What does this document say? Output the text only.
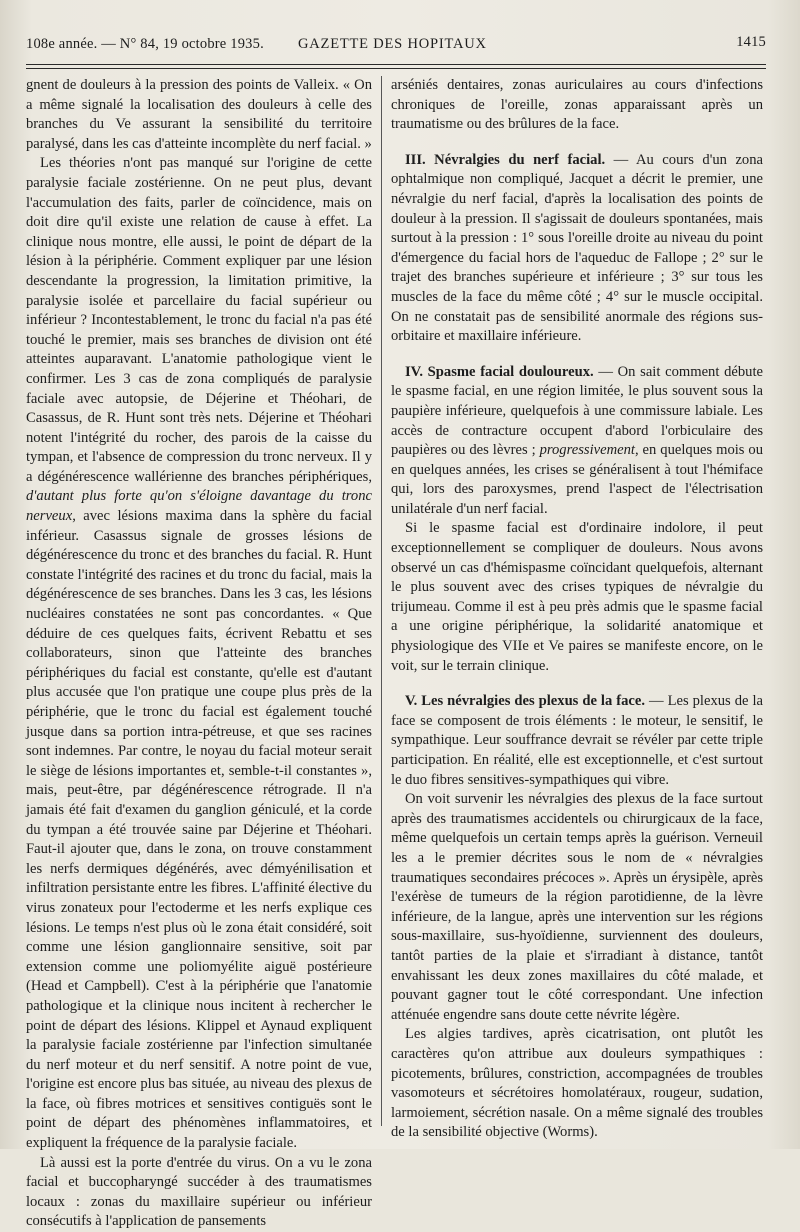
108e année. — N° 84, 19 octobre 1935. GAZETTE DES HOPITAUX	1415

gnent de douleurs à la pression des points de Valleix. « On a même signalé la localisation des douleurs à celle des branches du Ve assurant la sensibilité du territoire paralysé, dans les cas d'atteinte incomplète du nerf facial. »

Les théories n'ont pas manqué sur l'origine de cette paralysie faciale zostérienne. On ne peut plus, devant l'accumulation des faits, parler de coïncidence, mais on doit dire qu'il existe une relation de cause à effet. La clinique nous montre, elle aussi, le point de départ de la lésion à la périphérie. Comment expliquer par une lésion descendante la progression, la limitation primitive, la paralysie isolée et parcellaire du facial supérieur ou inférieur ? Incontestablement, le tronc du facial n'a pas été touché le premier, mais ses branches de division ont été atteintes auparavant. L'anatomie pathologique vient le confirmer. Les 3 cas de zona compliqués de paralysie faciale avec autopsie, de Déjerine et Théohari, de Casassus, de R. Hunt sont très nets. Déjerine et Théohari notent l'intégrité du rocher, des parois de la caisse du tympan, et l'absence de compression du tronc nerveux. Il y a dégénérescence wallérienne des branches périphériques, d'autant plus forte qu'on s'éloigne davantage du tronc nerveux, avec lésions maxima dans la sphère du facial inférieur. Casassus signale de grosses lésions de dégénérescence du tronc et des branches du facial. R. Hunt constate l'intégrité des racines et du tronc du facial, mais la dégénérescence de ses branches. Dans les 3 cas, les lésions nucléaires constatées ne sont pas concordantes. « Que déduire de ces quelques faits, écrivent Rebattu et ses collaborateurs, sinon que l'atteinte des branches périphériques du facial est constante, qu'elle est d'autant plus accusée que l'on pratique une coupe plus près de la périphérie, que le tronc du facial est également touché jusque dans sa portion intra-pétreuse, et que ses racines sont indemnes. Par contre, le noyau du facial moteur serait le siège de lésions importantes et, semble-t-il constantes », mais, peut-être, par dégénérescence rétrograde. Il n'a jamais été fait d'examen du ganglion géniculé, et la corde du tympan a été trouvée saine par Déjerine et Théohari. Faut-il ajouter que, dans le zona, on trouve constamment les nerfs dermiques dégénérés, avec démyénilisation et infiltration persistante entre les fibres. L'affinité élective du virus zonateux pour l'ectoderme et les nerfs explique ces lésions. Le temps n'est plus où le zona était considéré, soit comme une lésion ganglionnaire sensitive, soit par extension comme une poliomyélite aiguë postérieure (Head et Campbell). C'est à la périphérie que l'anatomie pathologique et la clinique nous incitent à rechercher le point de départ des lésions. Klippel et Aynaud expliquent la paralysie faciale zostérienne par l'infection simultanée du nerf moteur et du nerf sensitif. A notre point de vue, l'origine est encore plus bas située, au niveau des plexus de la face, où fibres motrices et sensitives contiguës sont le point de départ des phénomènes inflammatoires, et expliquent la fréquence de la paralysie faciale.

Là aussi est la porte d'entrée du virus. On a vu le zona facial et buccopharyngé succéder à des traumatismes locaux : zonas du maxillaire supérieur ou inférieur consécutifs à l'application de pansements

arséniés dentaires, zonas auriculaires au cours d'infections chroniques de l'oreille, zonas apparaissant après un traumatisme ou des brûlures de la face.

III. Névralgies du nerf facial. — Au cours d'un zona ophtalmique non compliqué, Jacquet a décrit le premier, une névralgie du nerf facial, d'après la localisation des points de douleur à la pression. Il s'agissait de douleurs spontanées, mais surtout à la pression : 1° sous l'oreille droite au niveau du point d'émergence du facial hors de l'aqueduc de Fallope ; 2° sur le trajet des branches supérieure et inférieure ; 3° sur tous les muscles de la face du même côté ; 4° sur le muscle occipital. On ne constatait pas de sensibilité anormale des régions sus-orbitaire et maxillaire inférieure.

IV. Spasme facial douloureux. — On sait comment débute le spasme facial, en une région limitée, le plus souvent sous la paupière inférieure, quelquefois à une commissure labiale. Les accès de contracture occupent d'abord l'orbiculaire des paupières ou des lèvres ; progressivement, en quelques mois ou en quelques années, les crises se généralisent à tout l'hémiface qui, lors des paroxysmes, prend l'aspect de l'électrisation unilatérale d'un nerf facial.

Si le spasme facial est d'ordinaire indolore, il peut exceptionnellement se compliquer de douleurs. Nous avons observé un cas d'hémispasme coïncidant quelquefois, alternant le plus souvent avec des crises typiques de névralgie du trijumeau. Comme il est à peu près admis que le spasme facial a une origine périphérique, la solidarité anatomique et physiologique des VIIe et Ve paires se manifeste encore, on le voit, sur le terrain clinique.

V. Les névralgies des plexus de la face. — Les plexus de la face se composent de trois éléments : le moteur, le sensitif, le sympathique. Leur souffrance devrait se révéler par cette triple participation. En réalité, elle est exceptionnelle, et c'est surtout le duo fibres sensitives-sympathiques qui vibre.

On voit survenir les névralgies des plexus de la face surtout après des traumatismes accidentels ou chirurgicaux de la face, même quelquefois un certain temps après la guérison. Verneuil les a le premier décrites sous le nom de « névralgies traumatiques secondaires précoces ». Après un érysipèle, après l'exérèse de tumeurs de la région parotidienne, de la lèvre inférieure, de la langue, après une intervention sur les régions sous-maxillaire, sus-hyoïdienne, surviennent des douleurs, tantôt parties de la plaie et s'irradiant à distance, tantôt envahissant les deux zones maxillaires du côté malade, et pouvant gagner tout le côté correspondant. Une infection atténuée engendre sans doute cette névrite légère.

Les algies tardives, après cicatrisation, ont plutôt les caractères qu'on attribue aux douleurs sympathiques : picotements, brûlures, constriction, accompagnées de troubles vasomoteurs et sécrétoires homolatéraux, rougeur, sudation, larmoiement, sécrétion nasale. On a même signalé des troubles de la sensibilité objective (Worms).
